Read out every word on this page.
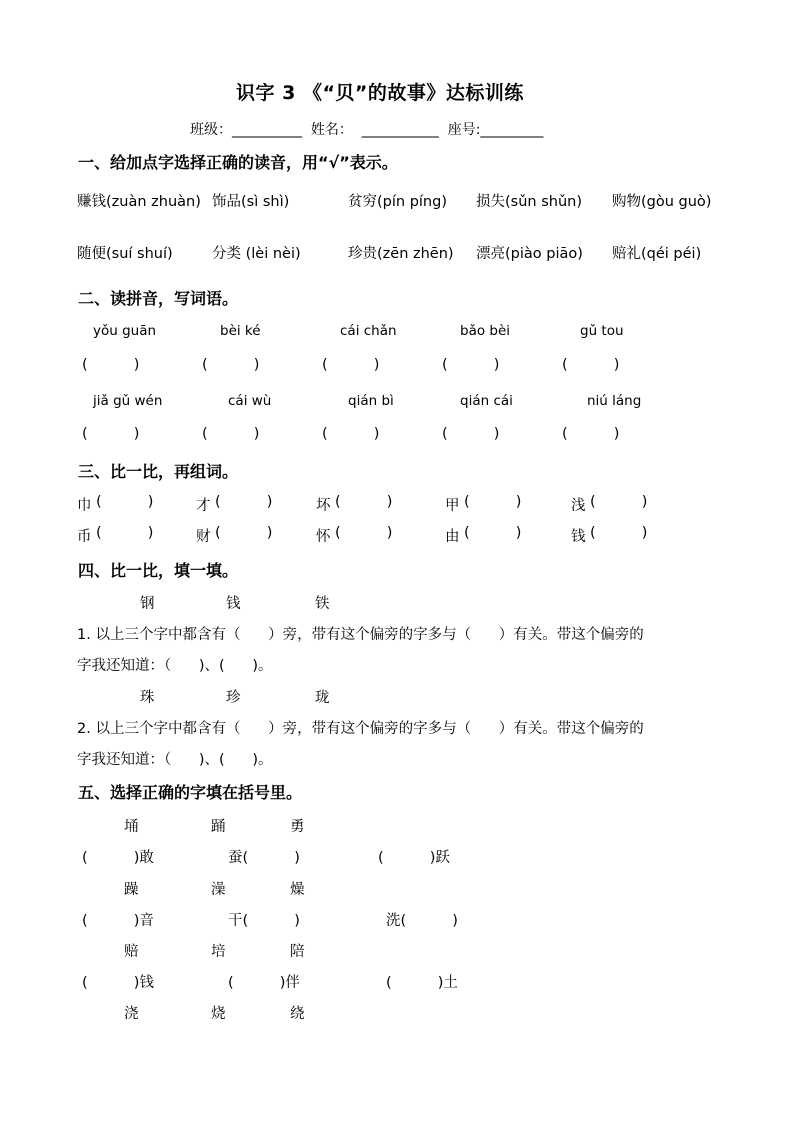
识字 3 《“贝”的故事》达标训练
班级：__________  姓名：  ___________  座号:_________
一、给加点字选择正确的读音，用“√”表示。
赚钱(zuàn zhuàn) 饰品(sì shì)	贫穷(pín píng) 损失(sǔn shǔn) 购物(gòu guò)
随便(suí shuí)	分类 (lèi nèi)	珍贵(zēn zhēn) 漂亮(piào piāo) 赔礼(qéi péi)
二、读拼音，写词语。
yǒu guān	bèi ké	cái chǎn	bǎo bèi	gǔ tou
(          )	(          )	(          )	(          )	(          )
jiǎ gǔ wén	cái wù	qián bì	qián cái	niú láng
(          )	(          )	(          )	(          )	(          )
三、比一比，再组词。
巾 (          )	才 (          )	坏 (          )	甲 (          )	浅 (          )
币 (          )	财 (          )	怀 (          )	由 (          )	钱 (          )
四、比一比，填一填。
钢	钱	铁
1. 以上三个字中都含有（      ）旁，带有这个偏旁的字多与（      ）有关。带这个偏旁的
字我还知道：（      )、(      )。
珠	珍	珑
2. 以上三个字中都含有（      ）旁，带有这个偏旁的字多与（      ）有关。带这个偏旁的
字我还知道：（      )、(      )。
五、选择正确的字填在括号里。
埇	踊	勇
(          )敢	蚕(          )	(          )跃
躁	澡	燥
(          )音	干(          )	洗(          )
赔	培	陪
(          )钱	(          )伴	(          )土
浇	烧	绕
